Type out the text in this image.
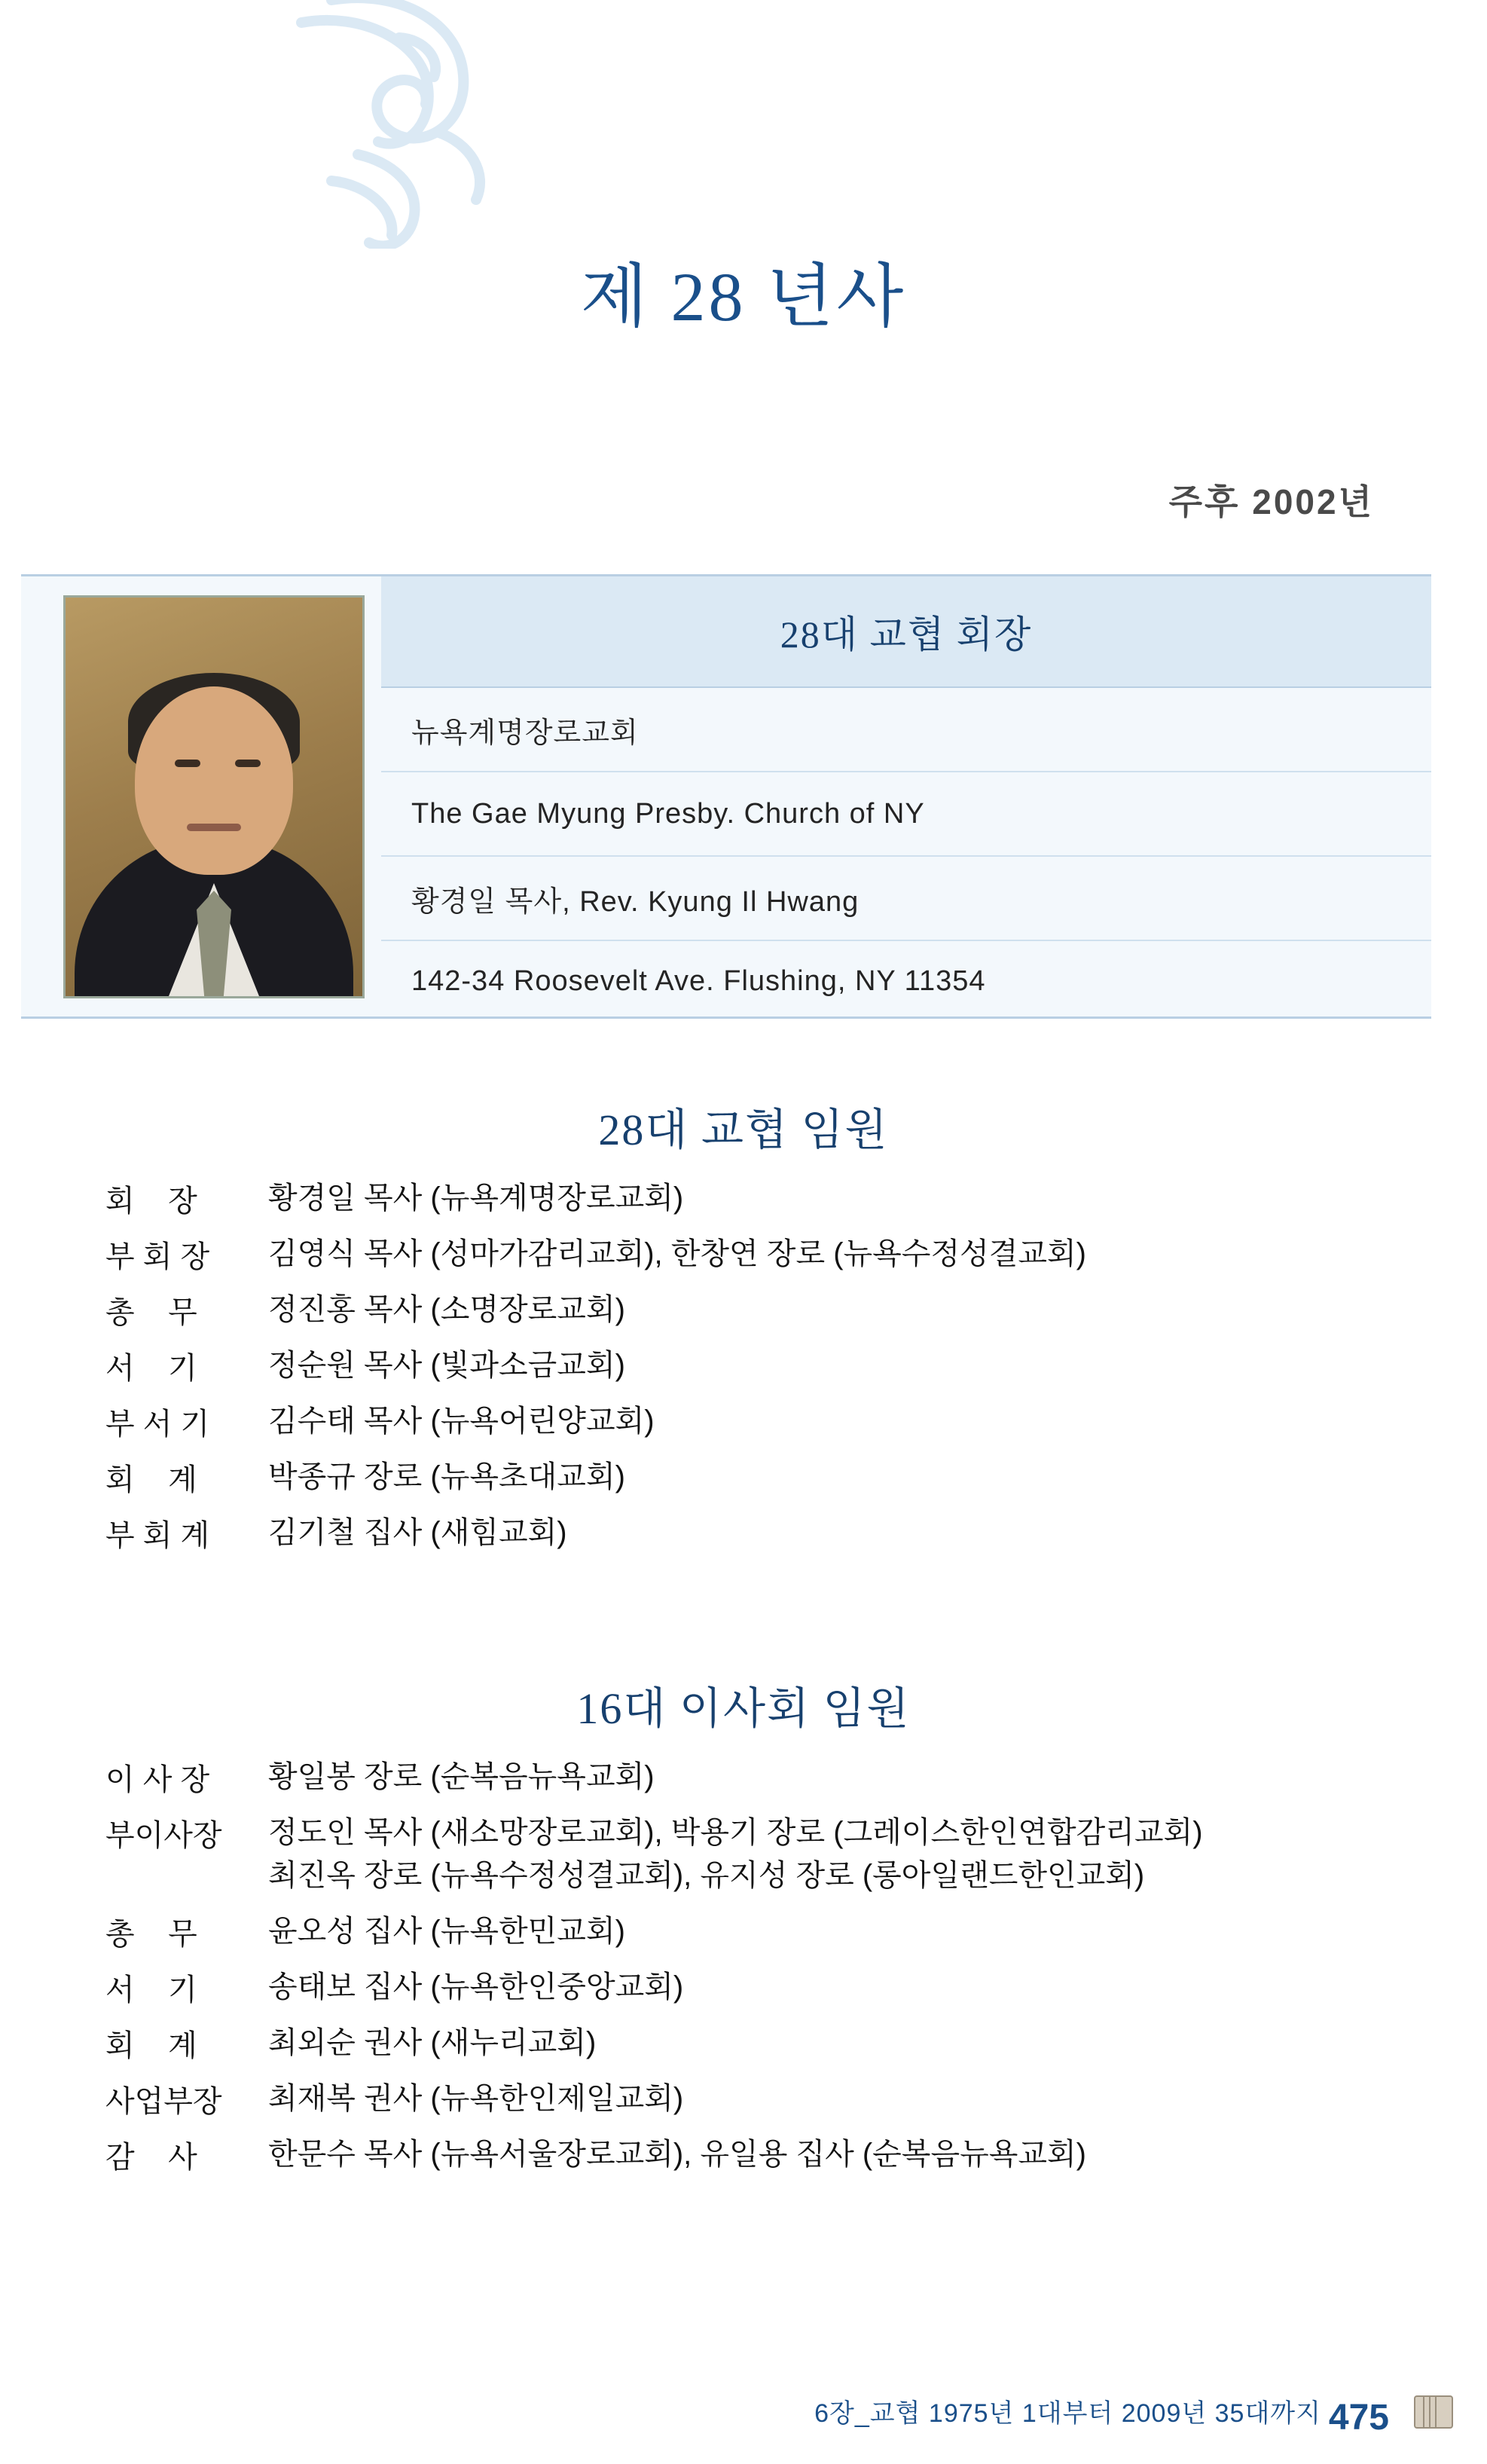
제 28 년사
주후 2002년
28대 교협 회장
뉴욕계명장로교회
The Gae Myung Presby. Church of NY
황경일 목사, Rev. Kyung Il Hwang
142-34 Roosevelt Ave. Flushing, NY 11354
28대 교협 임원
회    장	황경일 목사 (뉴욕계명장로교회)
부 회 장	김영식 목사 (성마가감리교회), 한창연 장로 (뉴욕수정성결교회)
총    무	정진홍 목사 (소명장로교회)
서    기	정순원 목사 (빛과소금교회)
부 서 기	김수태 목사 (뉴욕어린양교회)
회    계	박종규 장로 (뉴욕초대교회)
부 회 계	김기철 집사 (새힘교회)
16대 이사회 임원
이 사 장	황일봉 장로 (순복음뉴욕교회)
부이사장	정도인 목사 (새소망장로교회), 박용기 장로 (그레이스한인연합감리교회)
최진옥 장로 (뉴욕수정성결교회), 유지성 장로 (롱아일랜드한인교회)
총    무	윤오성 집사 (뉴욕한민교회)
서    기	송태보 집사 (뉴욕한인중앙교회)
회    계	최외순 권사 (새누리교회)
사업부장	최재복 권사 (뉴욕한인제일교회)
감    사	한문수 목사 (뉴욕서울장로교회), 유일용 집사 (순복음뉴욕교회)
6장_교협 1975년 1대부터 2009년 35대까지 475
